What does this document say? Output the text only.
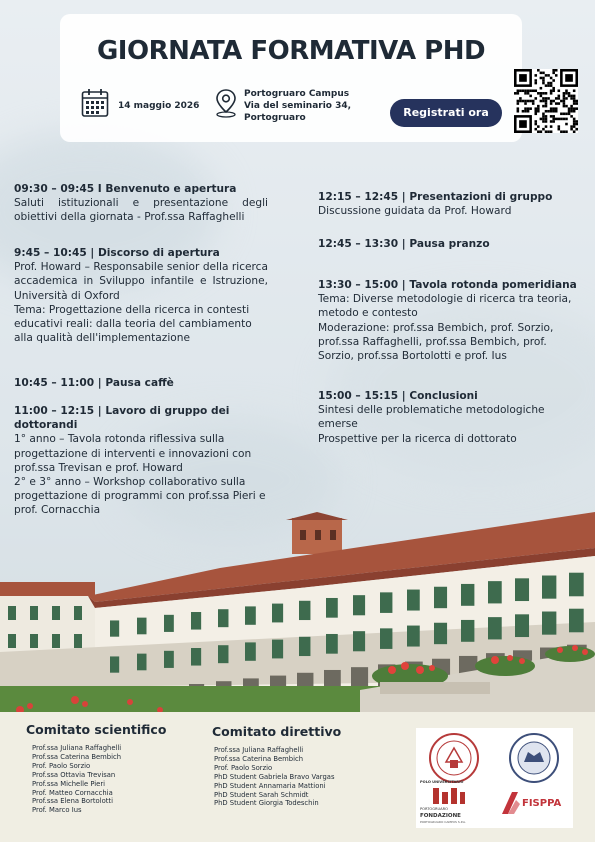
GIORNATA FORMATIVA PHD
14 maggio 2026
Portogruaro Campus
Via del seminario 34,
Portogruaro	Registrati ora
09:30 – 09:45 I Benvenuto e apertura
Saluti istituzionali e presentazione degli obiettivi della giornata - Prof.ssa Raffaghelli
9:45 – 10:45 | Discorso di apertura
Prof. Howard – Responsabile senior della ricerca accademica in Sviluppo infantile e Istruzione, Università di Oxford
Tema: Progettazione della ricerca in contesti educativi reali: dalla teoria del cambiamento alla qualità dell'implementazione
10:45 – 11:00 | Pausa caffè
11:00 – 12:15 | Lavoro di gruppo dei dottorandi
1° anno – Tavola rotonda riflessiva sulla progettazione di interventi e innovazioni con prof.ssa Trevisan e prof. Howard
2° e 3° anno – Workshop collaborativo sulla progettazione di programmi con prof.ssa Pieri e prof. Cornacchia
12:15 – 12:45 | Presentazioni di gruppo
Discussione guidata da Prof. Howard
12:45 – 13:30 | Pausa pranzo
13:30 – 15:00 | Tavola rotonda pomeridiana
Tema: Diverse metodologie di ricerca tra teoria, metodo e contesto
Moderazione: prof.ssa Bembich, prof. Sorzio, prof.ssa Raffaghelli, prof.ssa Bembich, prof. Sorzio, prof.ssa Bortolotti e prof. Ius
15:00 – 15:15 | Conclusioni
Sintesi delle problematiche metodologiche emerse
Prospettive per la ricerca di dottorato
Comitato scientifico
Prof.ssa Juliana Raffaghelli
Prof.ssa Caterina Bembich
Prof. Paolo Sorzio
Prof.ssa Ottavia Trevisan
Prof.ssa Michelle Pieri
Prof. Matteo Cornacchia
Prof.ssa Elena Bortolotti
Prof. Marco Ius
Comitato direttivo
Prof.ssa Juliana Raffaghelli
Prof.ssa Caterina Bembich
Prof. Paolo Sorzio
PhD Student Gabriela Bravo Vargas
PhD Student Annamaria Mattioni
PhD Student Sarah Schmidt
PhD Student Giorgia Todeschin
POLO UNIVERSITARIO
PORTOGRUARO
FONDAZIONE
PORTOGRUARO CAMPUS S.P.A.
FISPPA
